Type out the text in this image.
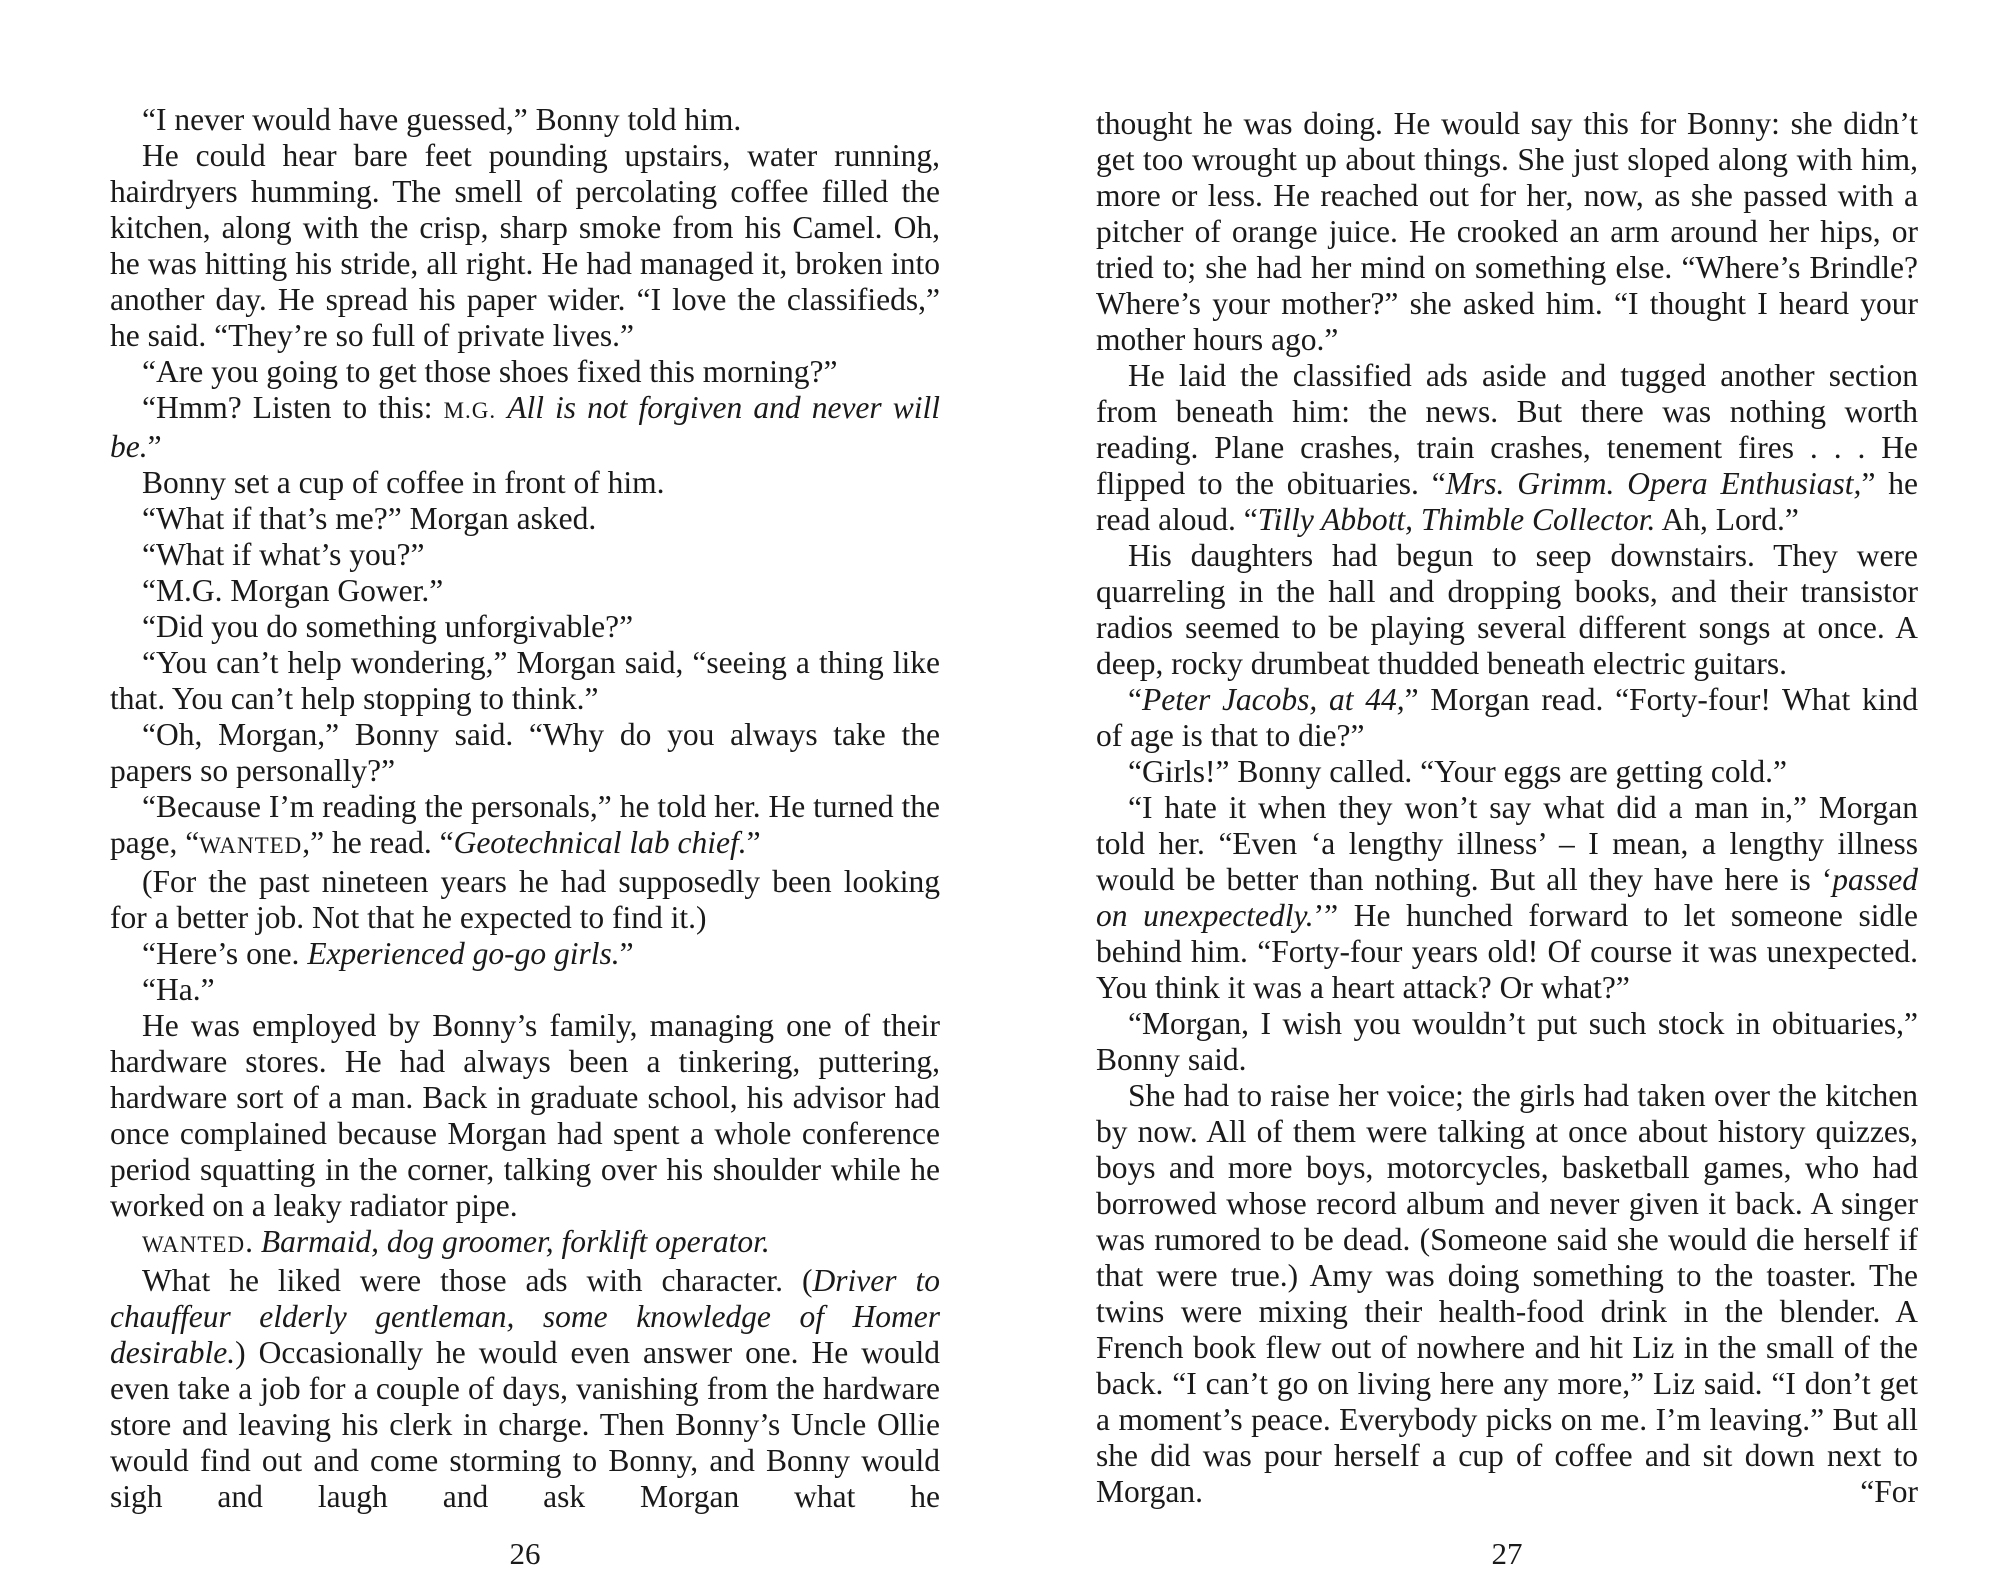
“I never would have guessed,” Bonny told him.

He could hear bare feet pounding upstairs, water running, hairdryers humming. The smell of percolating coffee filled the kitchen, along with the crisp, sharp smoke from his Camel. Oh, he was hitting his stride, all right. He had managed it, broken into another day. He spread his paper wider. “I love the classifieds,” he said. “They’re so full of private lives.”

“Are you going to get those shoes fixed this morning?”

“Hmm? Listen to this: M.G. All is not forgiven and never will be.”

Bonny set a cup of coffee in front of him.

“What if that’s me?” Morgan asked.

“What if what’s you?”

“M.G. Morgan Gower.”

“Did you do something unforgivable?”

“You can’t help wondering,” Morgan said, “seeing a thing like that. You can’t help stopping to think.”

“Oh, Morgan,” Bonny said. “Why do you always take the papers so personally?”

“Because I’m reading the personals,” he told her. He turned the page, “WANTED,” he read. “Geotechnical lab chief.”

(For the past nineteen years he had supposedly been looking for a better job. Not that he expected to find it.)

“Here’s one. Experienced go-go girls.”

“Ha.”

He was employed by Bonny’s family, managing one of their hardware stores. He had always been a tinkering, puttering, hardware sort of a man. Back in graduate school, his advisor had once complained because Morgan had spent a whole conference period squatting in the corner, talking over his shoulder while he worked on a leaky radiator pipe.

WANTED. Barmaid, dog groomer, forklift operator.

What he liked were those ads with character. (Driver to chauffeur elderly gentleman, some knowledge of Homer desirable.) Occasionally he would even answer one. He would even take a job for a couple of days, vanishing from the hardware store and leaving his clerk in charge. Then Bonny’s Uncle Ollie would find out and come storming to Bonny, and Bonny would sigh and laugh and ask Morgan what he

26

thought he was doing. He would say this for Bonny: she didn’t get too wrought up about things. She just sloped along with him, more or less. He reached out for her, now, as she passed with a pitcher of orange juice. He crooked an arm around her hips, or tried to; she had her mind on something else. “Where’s Brindle? Where’s your mother?” she asked him. “I thought I heard your mother hours ago.”

He laid the classified ads aside and tugged another section from beneath him: the news. But there was nothing worth reading. Plane crashes, train crashes, tenement fires . . . He flipped to the obituaries. “Mrs. Grimm. Opera Enthusiast,” he read aloud. “Tilly Abbott, Thimble Collector. Ah, Lord.”

His daughters had begun to seep downstairs. They were quarreling in the hall and dropping books, and their transistor radios seemed to be playing several different songs at once. A deep, rocky drumbeat thudded beneath electric guitars.

“Peter Jacobs, at 44,” Morgan read. “Forty-four! What kind of age is that to die?”

“Girls!” Bonny called. “Your eggs are getting cold.”

“I hate it when they won’t say what did a man in,” Morgan told her. “Even ‘a lengthy illness’ – I mean, a lengthy illness would be better than nothing. But all they have here is ‘passed on unexpectedly.’” He hunched forward to let someone sidle behind him. “Forty-four years old! Of course it was unexpected. You think it was a heart attack? Or what?”

“Morgan, I wish you wouldn’t put such stock in obituaries,” Bonny said.

She had to raise her voice; the girls had taken over the kitchen by now. All of them were talking at once about history quizzes, boys and more boys, motorcycles, basketball games, who had borrowed whose record album and never given it back. A singer was rumored to be dead. (Someone said she would die herself if that were true.) Amy was doing something to the toaster. The twins were mixing their health-food drink in the blender. A French book flew out of nowhere and hit Liz in the small of the back. “I can’t go on living here any more,” Liz said. “I don’t get a moment’s peace. Everybody picks on me. I’m leaving.” But all she did was pour herself a cup of coffee and sit down next to Morgan. “For

27
